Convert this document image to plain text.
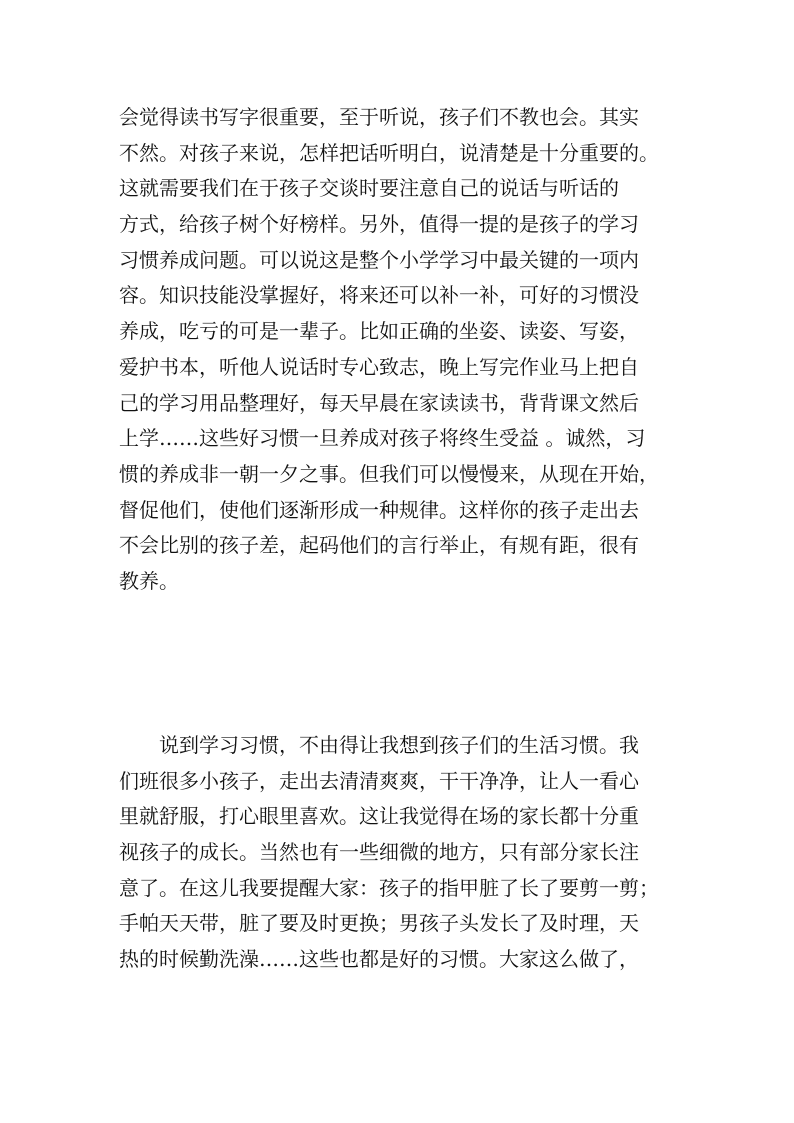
会觉得读书写字很重要，至于听说，孩子们不教也会。其实
不然。对孩子来说，怎样把话听明白，说清楚是十分重要的。
这就需要我们在于孩子交谈时要注意自己的说话与听话的
方式，给孩子树个好榜样。另外，值得一提的是孩子的学习
习惯养成问题。可以说这是整个小学学习中最关键的一项内
容。知识技能没掌握好，将来还可以补一补，可好的习惯没
养成，吃亏的可是一辈子。比如正确的坐姿、读姿、写姿，
爱护书本，听他人说话时专心致志，晚上写完作业马上把自
己的学习用品整理好，每天早晨在家读读书，背背课文然后
上学……这些好习惯一旦养成对孩子将终生受益 。诚然，习
惯的养成非一朝一夕之事。但我们可以慢慢来，从现在开始，
督促他们，使他们逐渐形成一种规律。这样你的孩子走出去
不会比别的孩子差，起码他们的言行举止，有规有距，很有
教养。
　　说到学习习惯，不由得让我想到孩子们的生活习惯。我
们班很多小孩子，走出去清清爽爽，干干净净，让人一看心
里就舒服，打心眼里喜欢。这让我觉得在场的家长都十分重
视孩子的成长。当然也有一些细微的地方，只有部分家长注
意了。在这儿我要提醒大家：孩子的指甲脏了长了要剪一剪；
手帕天天带，脏了要及时更换；男孩子头发长了及时理，天
热的时候勤洗澡……这些也都是好的习惯。大家这么做了，
